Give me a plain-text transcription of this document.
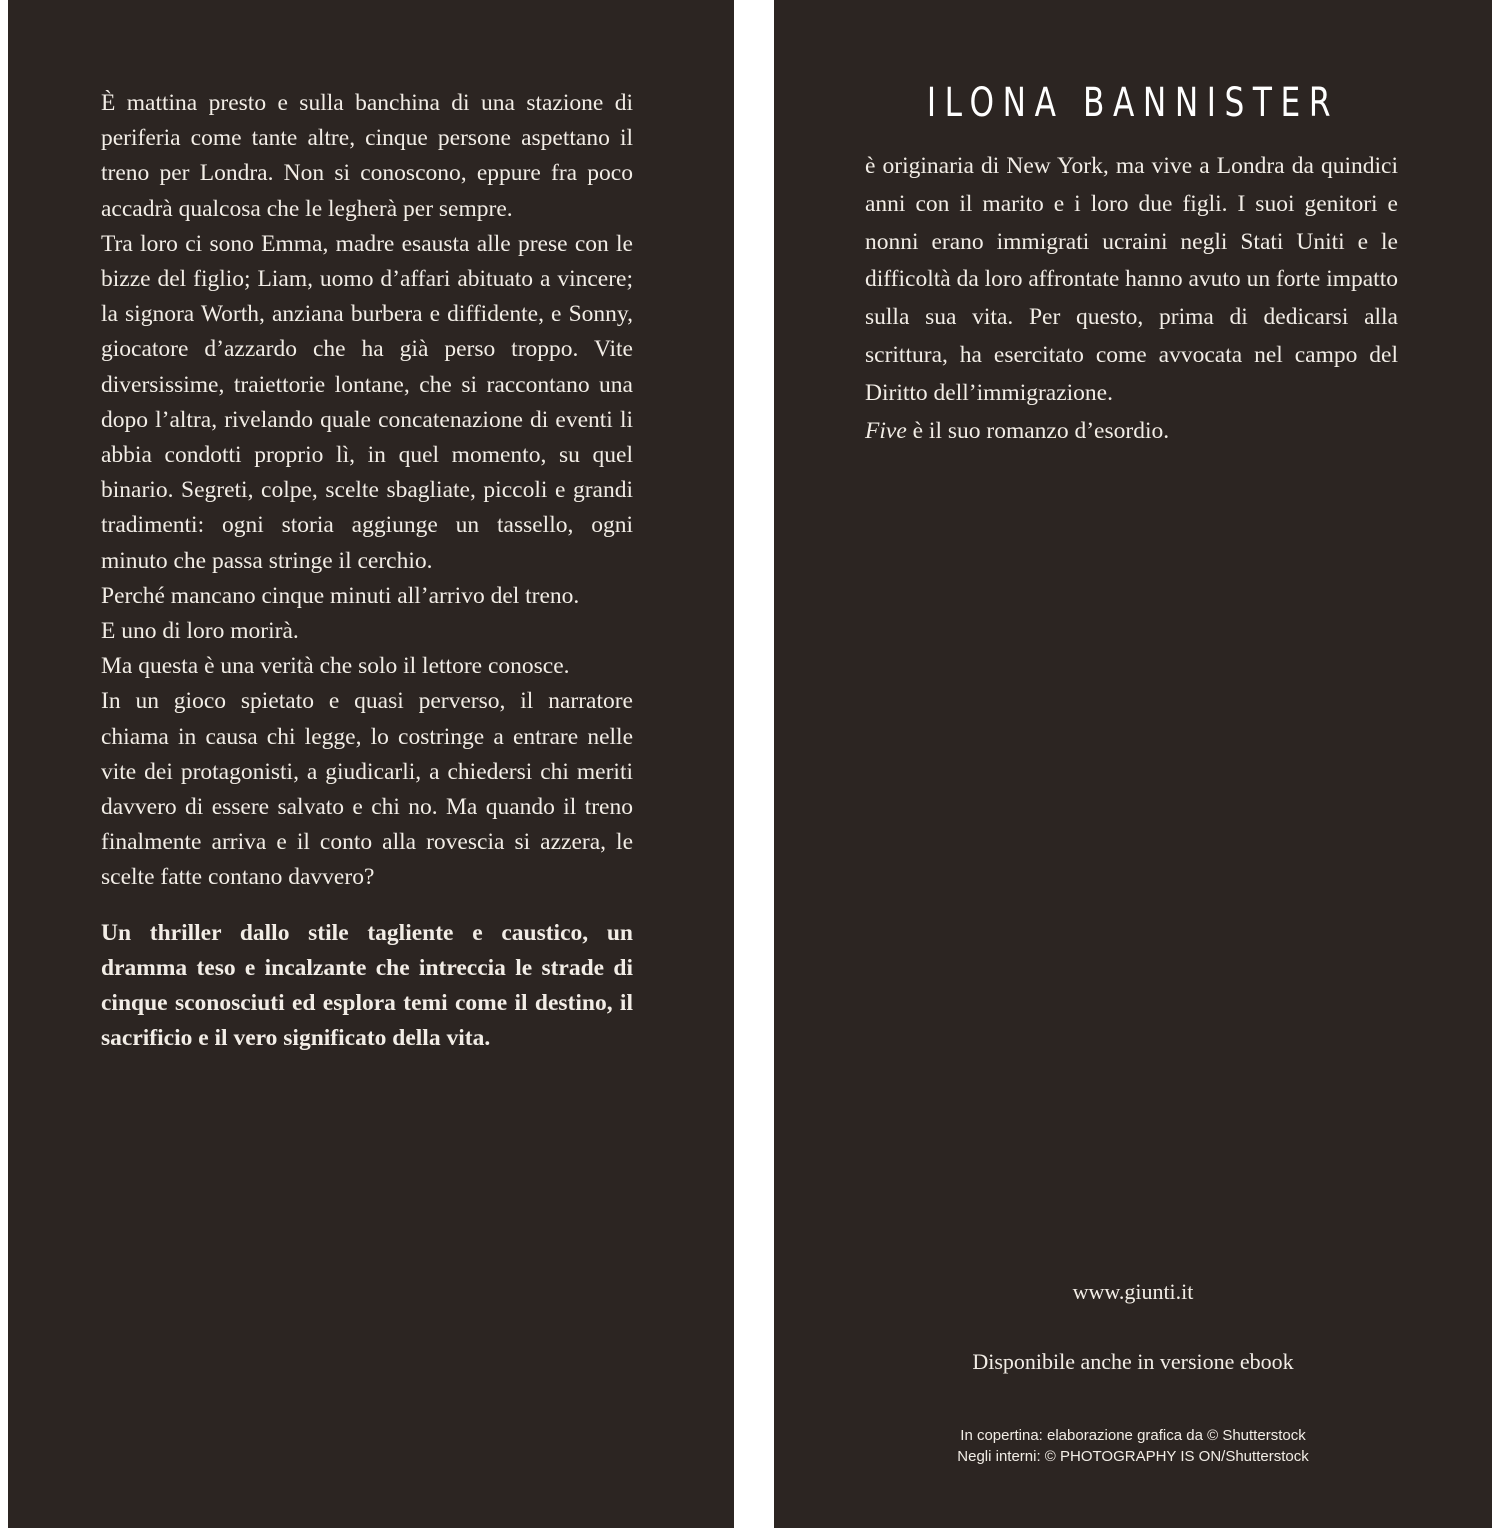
È mattina presto e sulla banchina di una stazione di periferia come tante altre, cinque persone aspettano il treno per Londra. Non si conoscono, eppure fra poco accadrà qualcosa che le legherà per sempre.

Tra loro ci sono Emma, madre esausta alle prese con le bizze del figlio; Liam, uomo d’affari abituato a vincere; la signora Worth, anziana burbera e diffidente, e Sonny, giocatore d’azzardo che ha già perso troppo. Vite diversissime, traiettorie lontane, che si raccontano una dopo l’altra, rivelando quale concatenazione di eventi li abbia condotti proprio lì, in quel momento, su quel binario. Segreti, colpe, scelte sbagliate, piccoli e grandi tradimenti: ogni storia aggiunge un tassello, ogni minuto che passa stringe il cerchio.

Perché mancano cinque minuti all’arrivo del treno.

E uno di loro morirà.

Ma questa è una verità che solo il lettore conosce.

In un gioco spietato e quasi perverso, il narratore chiama in causa chi legge, lo costringe a entrare nelle vite dei protagonisti, a giudicarli, a chiedersi chi meriti davvero di essere salvato e chi no. Ma quando il treno finalmente arriva e il conto alla rovescia si azzera, le scelte fatte contano davvero?

Un thriller dallo stile tagliente e caustico, un dramma teso e incalzante che intreccia le strade di cinque sconosciuti ed esplora temi come il destino, il sacrificio e il vero significato della vita.

ILONA BANNISTER

è originaria di New York, ma vive a Londra da quindici anni con il marito e i loro due figli. I suoi genitori e nonni erano immigrati ucraini negli Stati Uniti e le difficoltà da loro affrontate hanno avuto un forte impatto sulla sua vita. Per questo, prima di dedicarsi alla scrittura, ha esercitato come avvocata nel campo del Diritto dell’immigrazione.

Five è il suo romanzo d’esordio.

www.giunti.it

Disponibile anche in versione ebook

In copertina: elaborazione grafica da © Shutterstock
Negli interni: © PHOTOGRAPHY IS ON/Shutterstock
